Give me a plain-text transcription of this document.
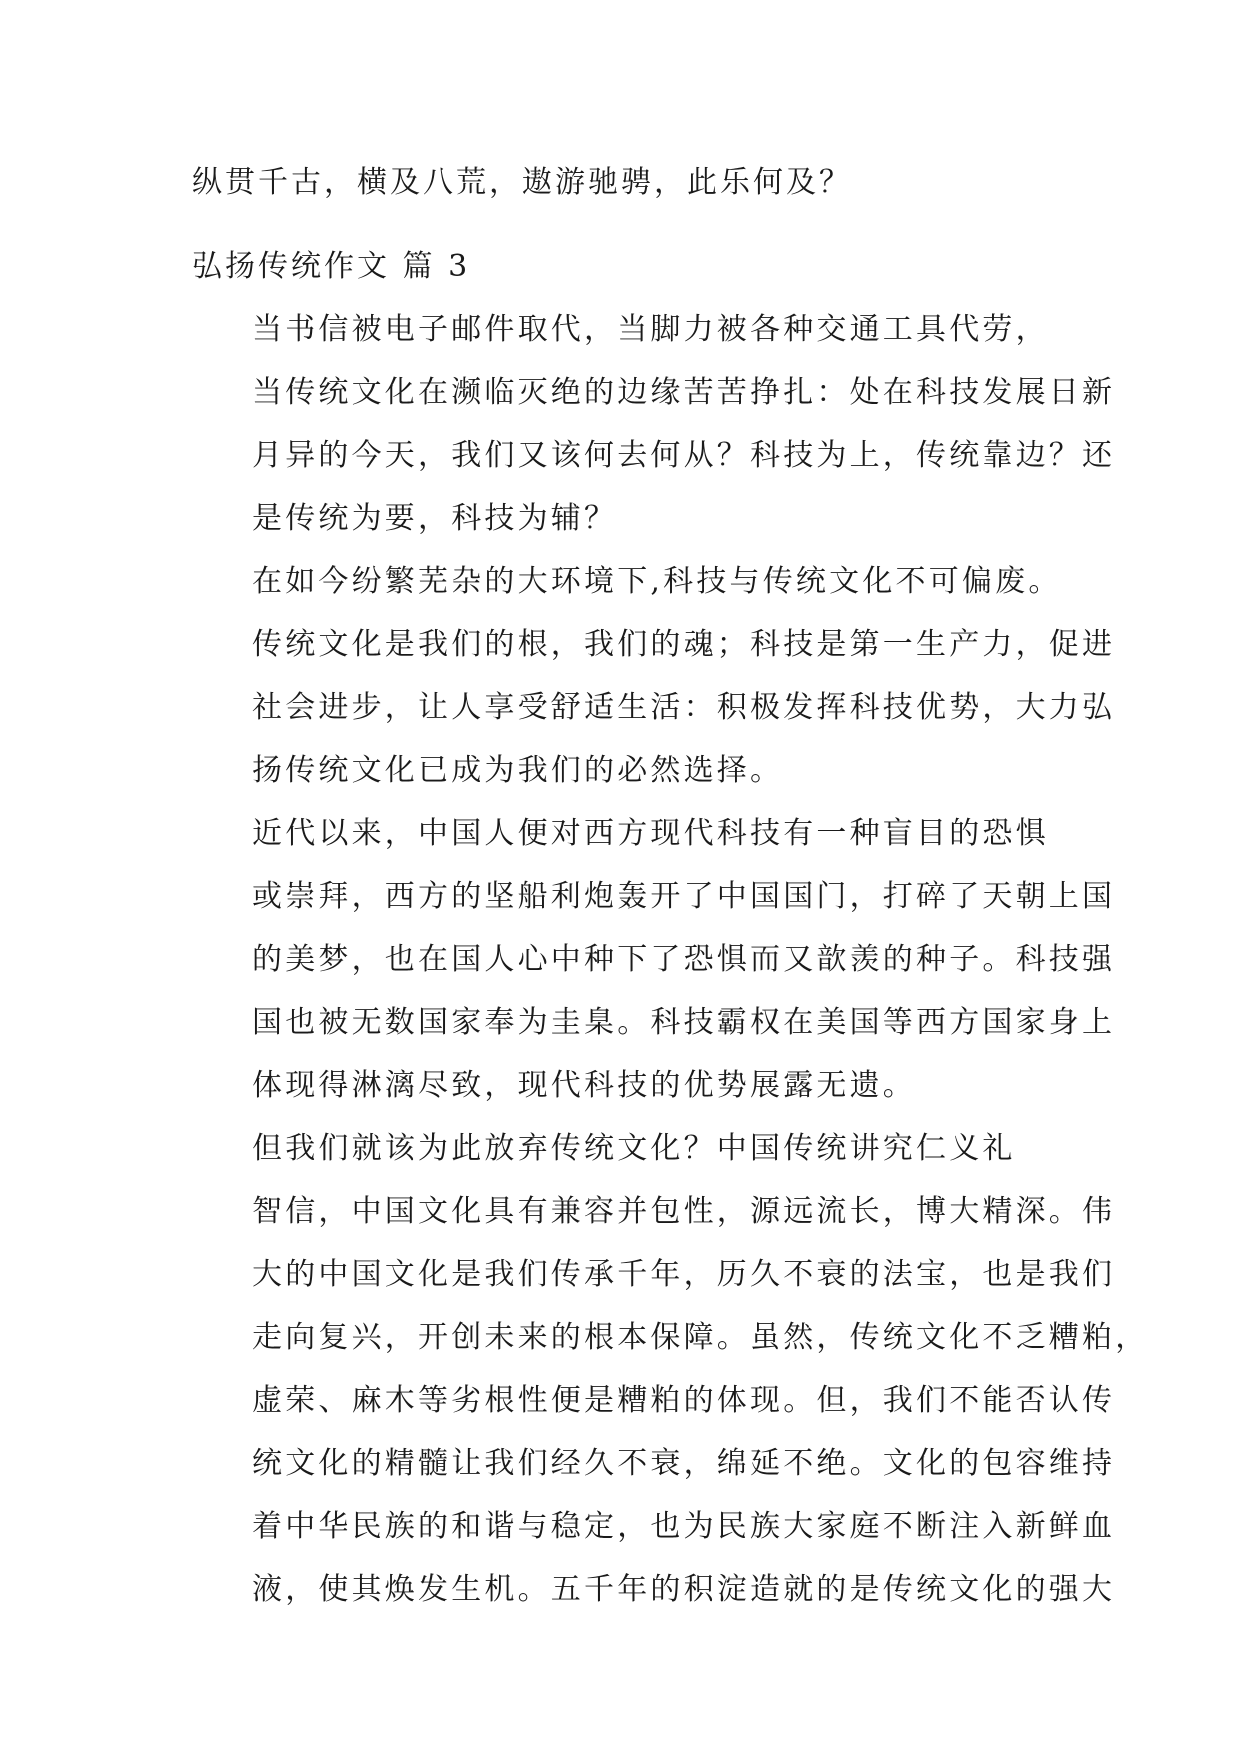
纵贯千古，横及八荒，遨游驰骋，此乐何及？

弘扬传统作文 篇 3

当书信被电子邮件取代，当脚力被各种交通工具代劳，
当传统文化在濒临灭绝的边缘苦苦挣扎：处在科技发展日新
月异的今天，我们又该何去何从？科技为上，传统靠边？还
是传统为要，科技为辅？
在如今纷繁芜杂的大环境下,科技与传统文化不可偏废。
传统文化是我们的根，我们的魂；科技是第一生产力，促进
社会进步，让人享受舒适生活：积极发挥科技优势，大力弘
扬传统文化已成为我们的必然选择。
近代以来，中国人便对西方现代科技有一种盲目的恐惧
或崇拜，西方的坚船利炮轰开了中国国门，打碎了天朝上国
的美梦，也在国人心中种下了恐惧而又歆羡的种子。科技强
国也被无数国家奉为圭臬。科技霸权在美国等西方国家身上
体现得淋漓尽致，现代科技的优势展露无遗。
但我们就该为此放弃传统文化？中国传统讲究仁义礼
智信，中国文化具有兼容并包性，源远流长，博大精深。伟
大的中国文化是我们传承千年，历久不衰的法宝，也是我们
走向复兴，开创未来的根本保障。虽然，传统文化不乏糟粕，
虚荣、麻木等劣根性便是糟粕的体现。但，我们不能否认传
统文化的精髓让我们经久不衰，绵延不绝。文化的包容维持
着中华民族的和谐与稳定，也为民族大家庭不断注入新鲜血
液，使其焕发生机。五千年的积淀造就的是传统文化的强大
